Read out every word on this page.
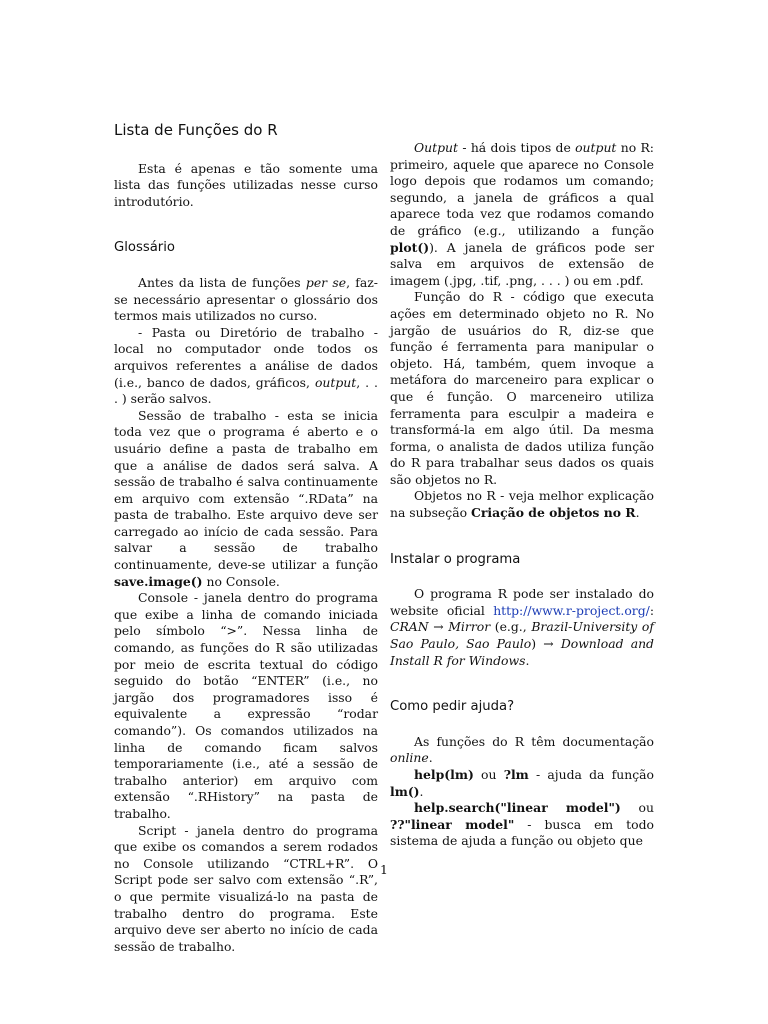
Lista de Funções do R

Esta é apenas e tão somente uma lista das funções utilizadas nesse curso introdutório.

Glossário

Antes da lista de funções per se, faz-se necessário apresentar o glossário dos termos mais utilizados no curso.

- Pasta ou Diretório de trabalho - local no computador onde todos os arquivos referentes a análise de dados (i.e., banco de dados, gráficos, output, . . . ) serão salvos.

Sessão de trabalho - esta se inicia toda vez que o programa é aberto e o usuário define a pasta de trabalho em que a análise de dados será salva. A sessão de trabalho é salva continuamente em arquivo com extensão “.RData” na pasta de trabalho. Este arquivo deve ser carregado ao início de cada sessão. Para salvar a sessão de trabalho continuamente, deve-se utilizar a função save.image() no Console.

Console - janela dentro do programa que exibe a linha de comando iniciada pelo símbolo “>”. Nessa linha de comando, as funções do R são utilizadas por meio de escrita textual do código seguido do botão “ENTER” (i.e., no jargão dos programadores isso é equivalente a expressão “rodar comando”). Os comandos utilizados na linha de comando ficam salvos temporariamente (i.e., até a sessão de trabalho anterior) em arquivo com extensão “.RHistory” na pasta de trabalho.

Script - janela dentro do programa que exibe os comandos a serem rodados no Console utilizando “CTRL+R”. O Script pode ser salvo com extensão “.R”, o que permite visualizá-lo na pasta de trabalho dentro do programa. Este arquivo deve ser aberto no início de cada sessão de trabalho.

Output - há dois tipos de output no R: primeiro, aquele que aparece no Console logo depois que rodamos um comando; segundo, a janela de gráficos a qual aparece toda vez que rodamos comando de gráfico (e.g., utilizando a função plot()). A janela de gráficos pode ser salva em arquivos de extensão de imagem (.jpg, .tif, .png, . . . ) ou em .pdf.

Função do R - código que executa ações em determinado objeto no R. No jargão de usuários do R, diz-se que função é ferramenta para manipular o objeto. Há, também, quem invoque a metáfora do marceneiro para explicar o que é função. O marceneiro utiliza ferramenta para esculpir a madeira e transformá-la em algo útil. Da mesma forma, o analista de dados utiliza função do R para trabalhar seus dados os quais são objetos no R.

Objetos no R - veja melhor explicação na subseção Criação de objetos no R.

Instalar o programa

O programa R pode ser instalado do website oficial http://www.r-project.org/: CRAN → Mirror (e.g., Brazil-University of Sao Paulo, Sao Paulo) → Download and Install R for Windows.

Como pedir ajuda?

As funções do R têm documentação online.

help(lm) ou ?lm - ajuda da função lm().

help.search("linear model") ou ??"linear model" - busca em todo sistema de ajuda a função ou objeto que

1
